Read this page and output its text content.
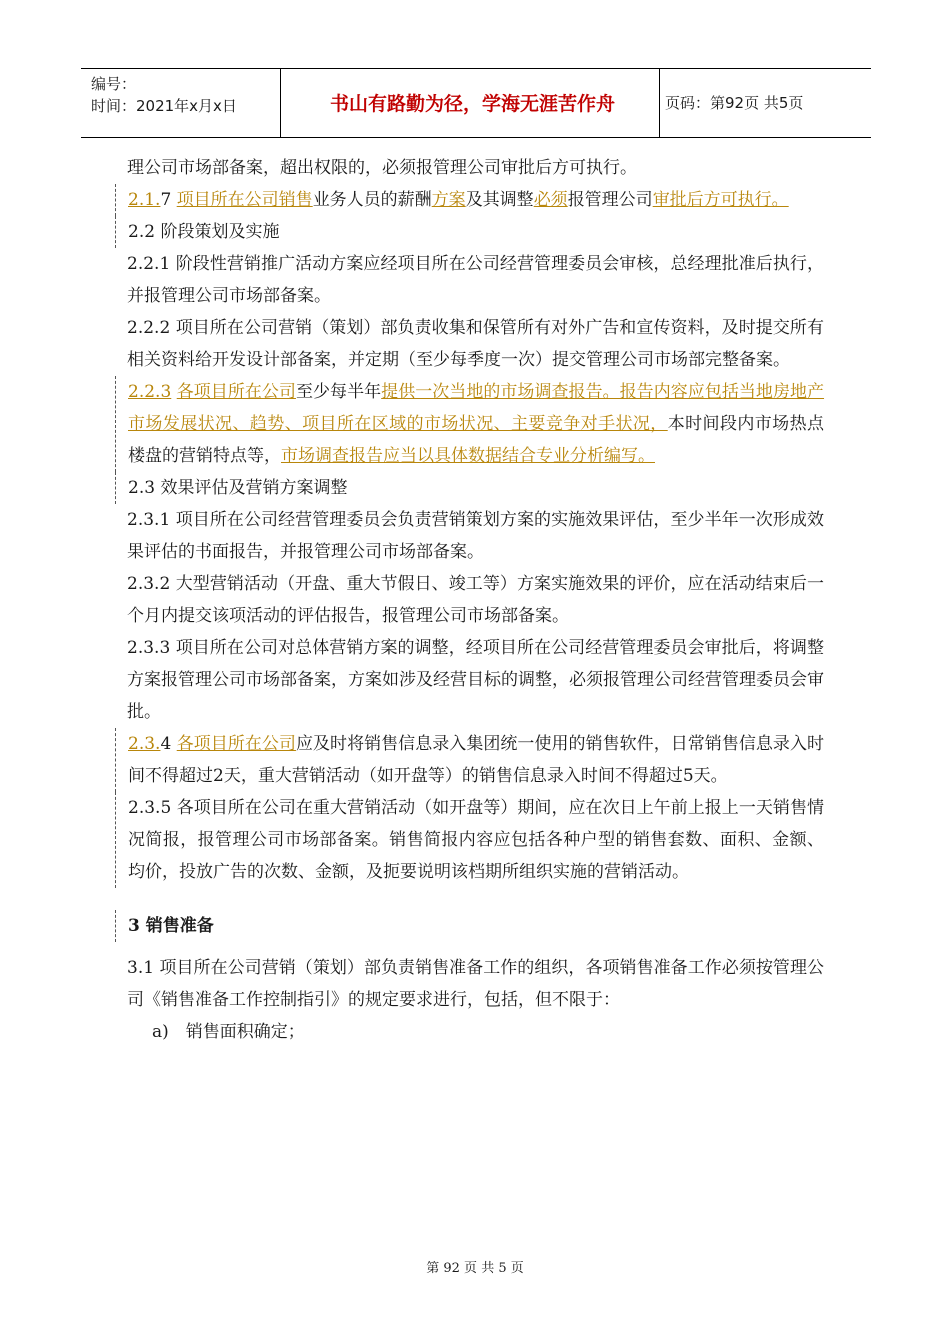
编号：
时间：2021年x月x日	书山有路勤为径，学海无涯苦作舟	页码：第92页 共5页
理公司市场部备案，超出权限的，必须报管理公司审批后方可执行。
2.1.7 项目所在公司销售业务人员的薪酬方案及其调整必须报管理公司审批后方可执行。
2.2 阶段策划及实施
2.2.1 阶段性营销推广活动方案应经项目所在公司经营管理委员会审核，总经理批准后执行，并报管理公司市场部备案。
2.2.2 项目所在公司营销（策划）部负责收集和保管所有对外广告和宣传资料，及时提交所有相关资料给开发设计部备案，并定期（至少每季度一次）提交管理公司市场部完整备案。
2.2.3 各项目所在公司至少每半年提供一次当地的市场调查报告。报告内容应包括当地房地产市场发展状况、趋势、项目所在区域的市场状况、主要竞争对手状况，本时间段内市场热点楼盘的营销特点等，市场调查报告应当以具体数据结合专业分析编写。
2.3 效果评估及营销方案调整
2.3.1 项目所在公司经营管理委员会负责营销策划方案的实施效果评估，至少半年一次形成效果评估的书面报告，并报管理公司市场部备案。
2.3.2 大型营销活动（开盘、重大节假日、竣工等）方案实施效果的评价，应在活动结束后一个月内提交该项活动的评估报告，报管理公司市场部备案。
2.3.3 项目所在公司对总体营销方案的调整，经项目所在公司经营管理委员会审批后，将调整方案报管理公司市场部备案，方案如涉及经营目标的调整，必须报管理公司经营管理委员会审批。
2.3.4 各项目所在公司应及时将销售信息录入集团统一使用的销售软件，日常销售信息录入时间不得超过2天，重大营销活动（如开盘等）的销售信息录入时间不得超过5天。
2.3.5 各项目所在公司在重大营销活动（如开盘等）期间，应在次日上午前上报上一天销售情况简报，报管理公司市场部备案。销售简报内容应包括各种户型的销售套数、面积、金额、均价，投放广告的次数、金额，及扼要说明该档期所组织实施的营销活动。
3 销售准备
3.1 项目所在公司营销（策划）部负责销售准备工作的组织，各项销售准备工作必须按管理公司《销售准备工作控制指引》的规定要求进行，包括，但不限于：
a)　销售面积确定；
第 92 页 共 5 页
